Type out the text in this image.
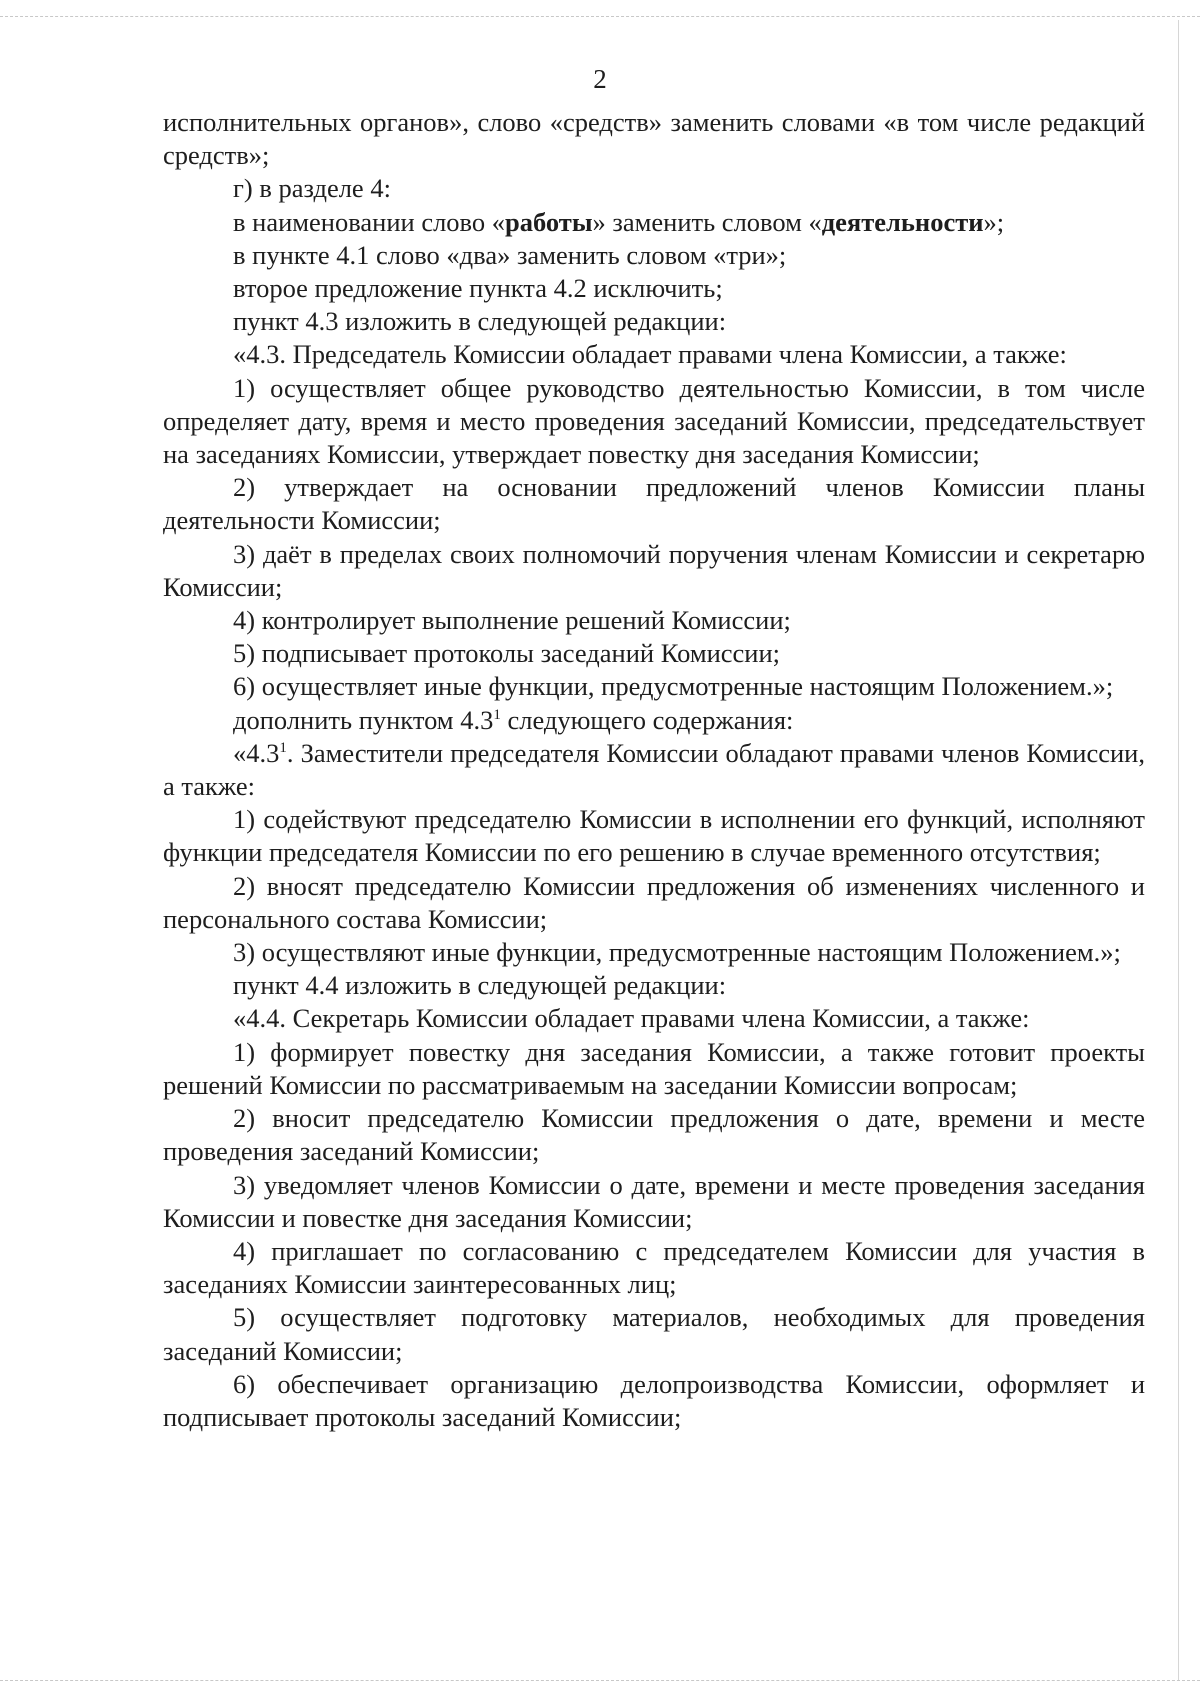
2

исполнительных органов», слово «средств» заменить словами «в том числе редакций средств»;

г) в разделе 4:

в наименовании слово «работы» заменить словом «деятельности»;

в пункте 4.1 слово «два» заменить словом «три»;

второе предложение пункта 4.2 исключить;

пункт 4.3 изложить в следующей редакции:

«4.3. Председатель Комиссии обладает правами члена Комиссии, а также:

1) осуществляет общее руководство деятельностью Комиссии, в том числе определяет дату, время и место проведения заседаний Комиссии, председательствует на заседаниях Комиссии, утверждает повестку дня заседания Комиссии;

2) утверждает на основании предложений членов Комиссии планы деятельности Комиссии;

3) даёт в пределах своих полномочий поручения членам Комиссии и секретарю Комиссии;

4) контролирует выполнение решений Комиссии;

5) подписывает протоколы заседаний Комиссии;

6) осуществляет иные функции, предусмотренные настоящим Положением.»;

дополнить пунктом $4.3^1$ следующего содержания:

«$4.3^1$. Заместители председателя Комиссии обладают правами членов Комиссии, а также:

1) содействуют председателю Комиссии в исполнении его функций, исполняют функции председателя Комиссии по его решению в случае временного отсутствия;

2) вносят председателю Комиссии предложения об изменениях численного и персонального состава Комиссии;

3) осуществляют иные функции, предусмотренные настоящим Положением.»;

пункт 4.4 изложить в следующей редакции:

«4.4. Секретарь Комиссии обладает правами члена Комиссии, а также:

1) формирует повестку дня заседания Комиссии, а также готовит проекты решений Комиссии по рассматриваемым на заседании Комиссии вопросам;

2) вносит председателю Комиссии предложения о дате, времени и месте проведения заседаний Комиссии;

3) уведомляет членов Комиссии о дате, времени и месте проведения заседания Комиссии и повестке дня заседания Комиссии;

4) приглашает по согласованию с председателем Комиссии для участия в заседаниях Комиссии заинтересованных лиц;

5) осуществляет подготовку материалов, необходимых для проведения заседаний Комиссии;

6) обеспечивает организацию делопроизводства Комиссии, оформляет и подписывает протоколы заседаний Комиссии;
